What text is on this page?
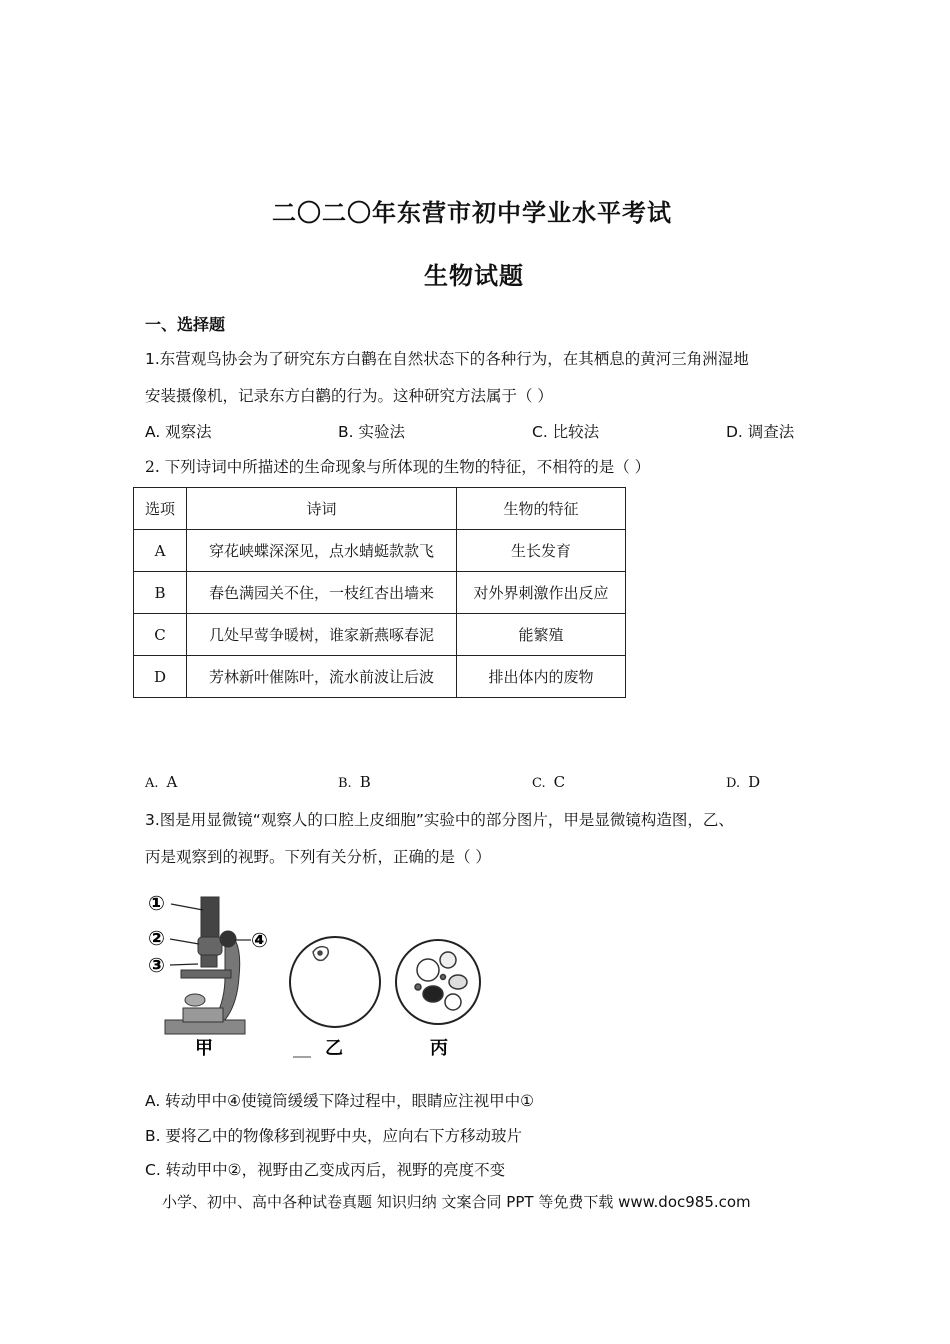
二〇二〇年东营市初中学业水平考试
生物试题
一、选择题
1.东营观鸟协会为了研究东方白鹳在自然状态下的各种行为，在其栖息的黄河三角洲湿地
安装摄像机，记录东方白鹳的行为。这种研究方法属于（ ）
A. 观察法	B. 实验法	C. 比较法	D. 调查法
2. 下列诗词中所描述的生命现象与所体现的生物的特征，不相符的是（ ）
选项	诗词	生物的特征
A	穿花峡蝶深深见，点水蜻蜓款款飞	生长发育
B	春色满园关不住，一枝红杏出墙来	对外界刺激作出反应
C	几处早莺争暖树，谁家新燕啄春泥	能繁殖
D	芳林新叶催陈叶，流水前波让后波	排出体内的废物
A. A	B. B	C. C	D. D
3.图是用显微镜“观察人的口腔上皮细胞”实验中的部分图片，甲是显微镜构造图，乙、
丙是观察到的视野。下列有关分析，正确的是（ ）
①
②
③
④
甲	乙	丙
A. 转动甲中④使镜筒缓缓下降过程中，眼睛应注视甲中①
B. 要将乙中的物像移到视野中央，应向右下方移动玻片
C. 转动甲中②，视野由乙变成丙后，视野的亮度不变
小学、初中、高中各种试卷真题 知识归纳 文案合同 PPT 等免费下载 www.doc985.com
